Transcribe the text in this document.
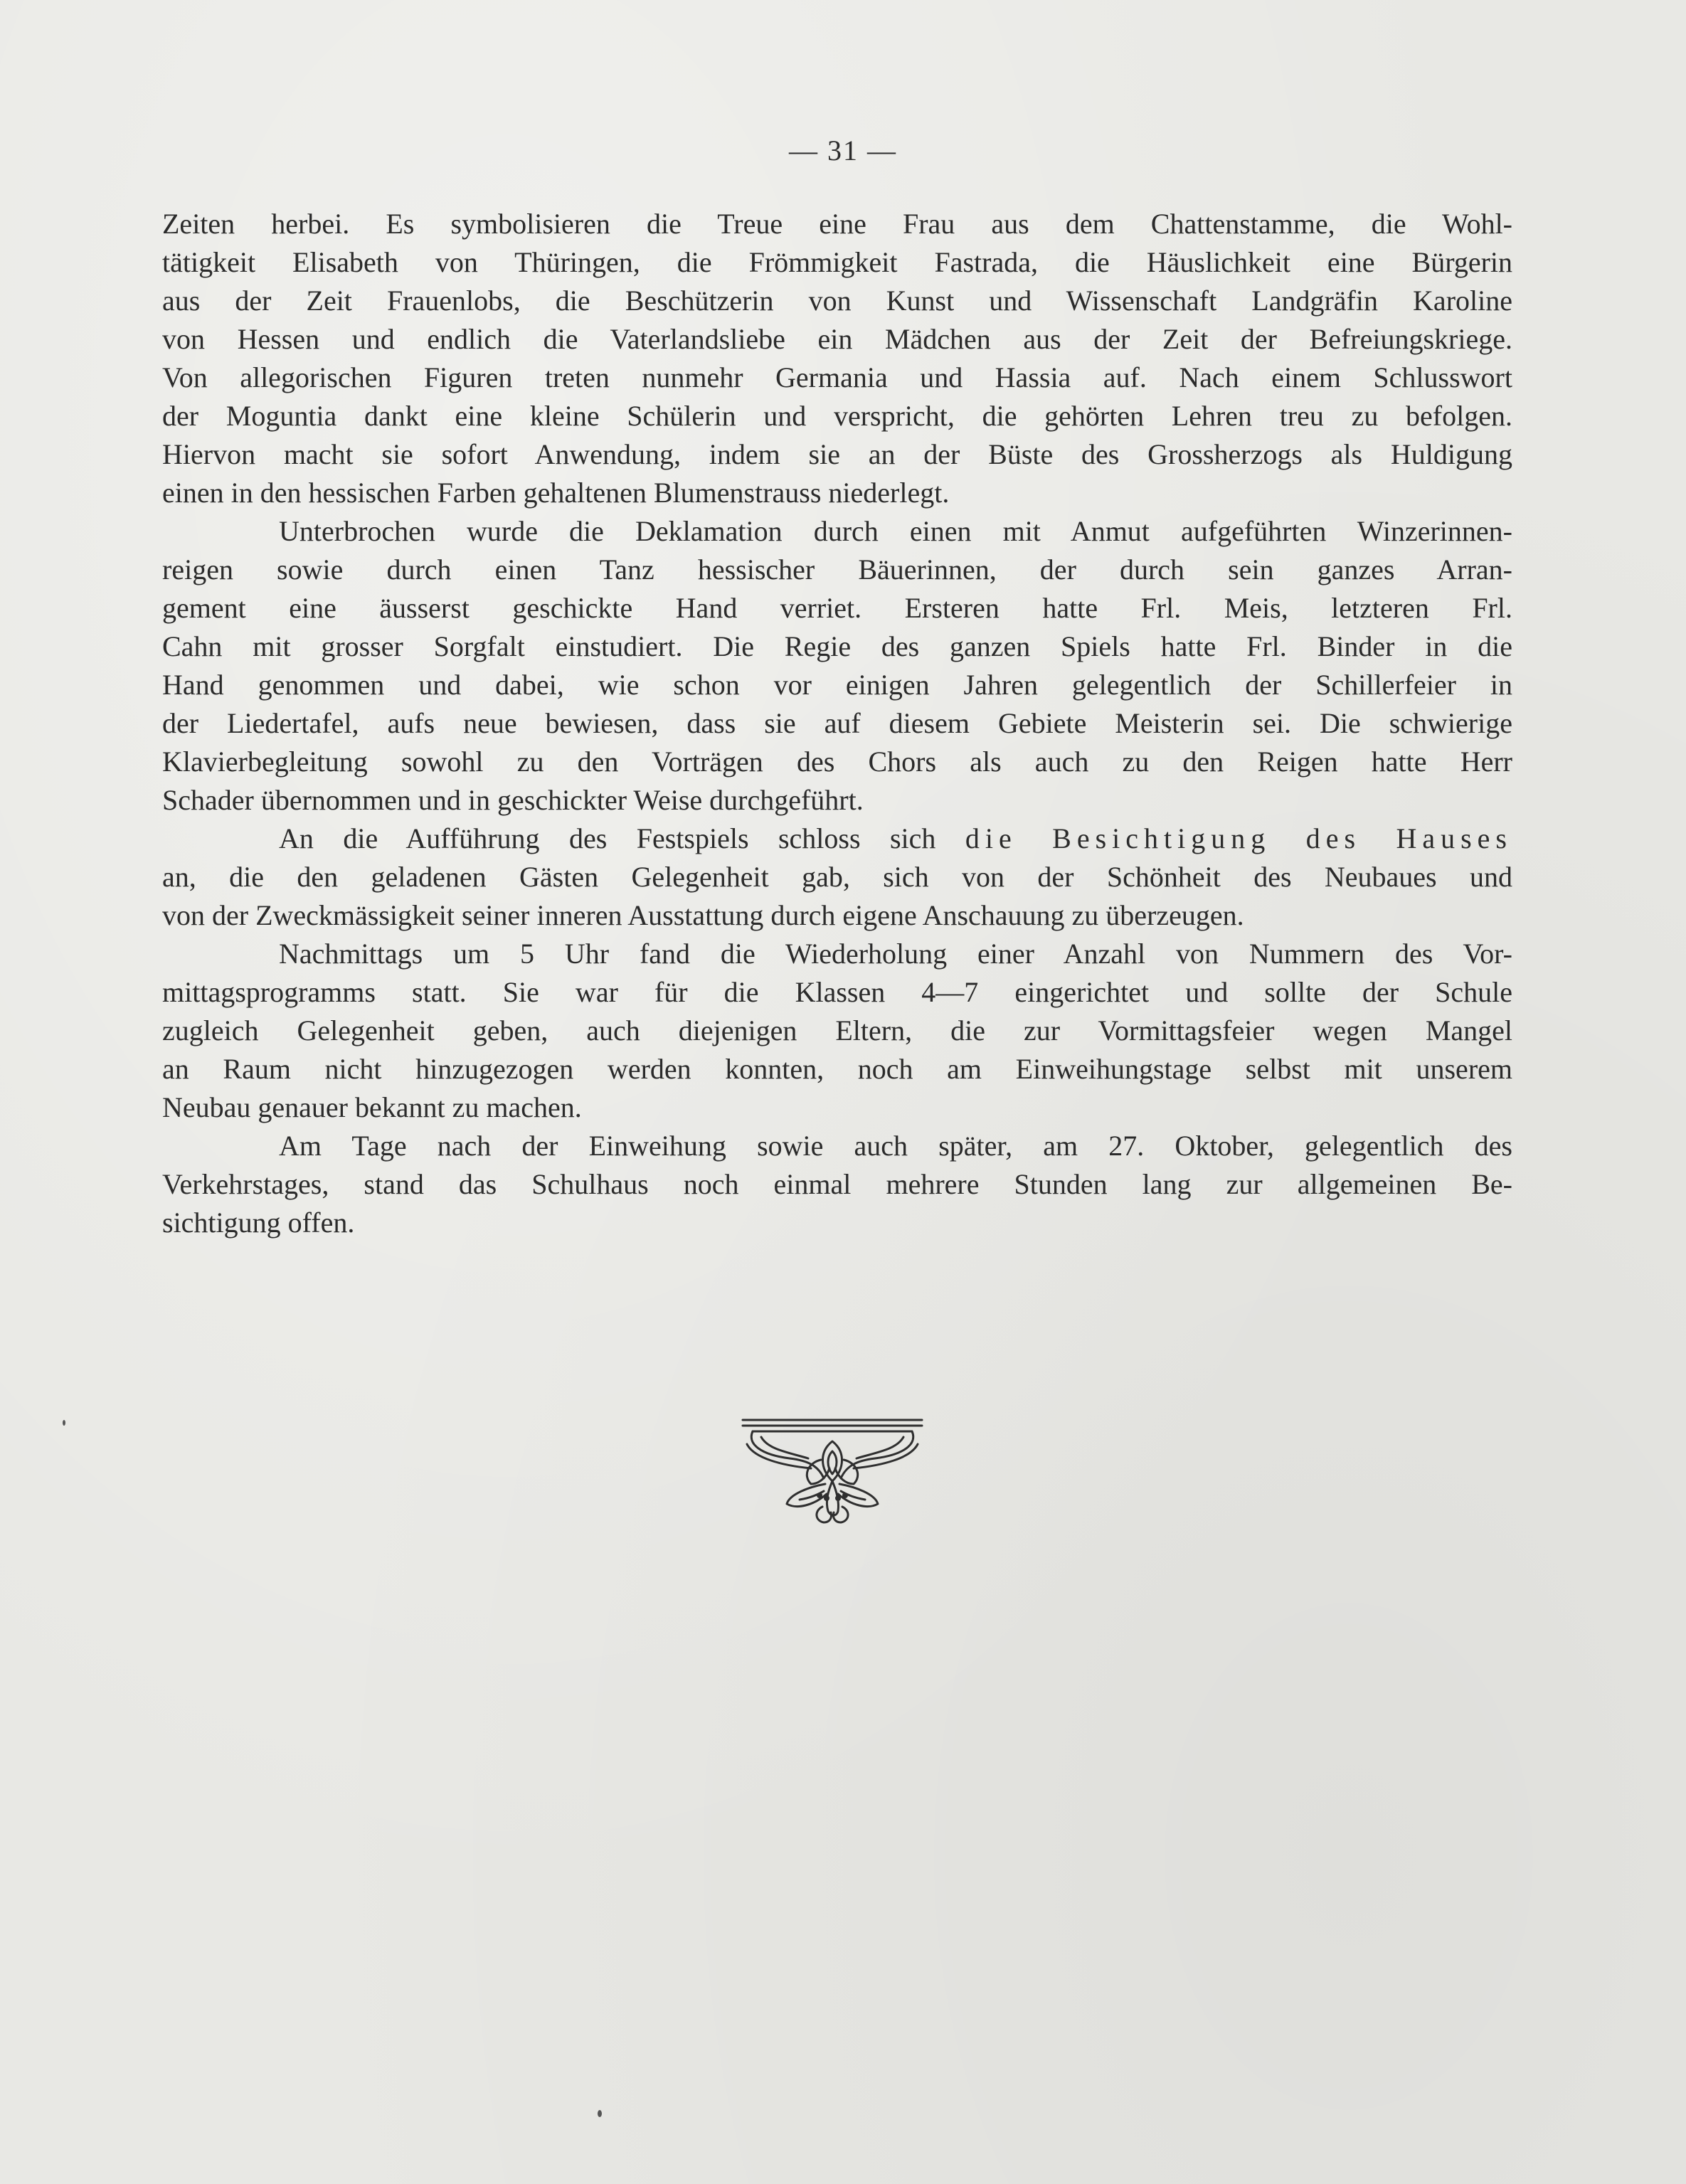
— 31 —
Zeiten herbei. Es symbolisieren die Treue eine Frau aus dem Chattenstamme, die Wohl-
tätigkeit Elisabeth von Thüringen, die Frömmigkeit Fastrada, die Häuslichkeit eine Bürgerin
aus der Zeit Frauenlobs, die Beschützerin von Kunst und Wissenschaft Landgräfin Karoline
von Hessen und endlich die Vaterlandsliebe ein Mädchen aus der Zeit der Befreiungskriege.
Von allegorischen Figuren treten nunmehr Germania und Hassia auf. Nach einem Schlusswort
der Moguntia dankt eine kleine Schülerin und verspricht, die gehörten Lehren treu zu befolgen.
Hiervon macht sie sofort Anwendung, indem sie an der Büste des Grossherzogs als Huldigung
einen in den hessischen Farben gehaltenen Blumenstrauss niederlegt.
Unterbrochen wurde die Deklamation durch einen mit Anmut aufgeführten Winzerinnen-
reigen sowie durch einen Tanz hessischer Bäuerinnen, der durch sein ganzes Arran-
gement eine äusserst geschickte Hand verriet. Ersteren hatte Frl. Meis, letzteren Frl.
Cahn mit grosser Sorgfalt einstudiert. Die Regie des ganzen Spiels hatte Frl. Binder in die
Hand genommen und dabei, wie schon vor einigen Jahren gelegentlich der Schillerfeier in
der Liedertafel, aufs neue bewiesen, dass sie auf diesem Gebiete Meisterin sei. Die schwierige
Klavierbegleitung sowohl zu den Vorträgen des Chors als auch zu den Reigen hatte Herr
Schader übernommen und in geschickter Weise durchgeführt.
An die Aufführung des Festspiels schloss sich die Besichtigung des Hauses
an, die den geladenen Gästen Gelegenheit gab, sich von der Schönheit des Neubaues und
von der Zweckmässigkeit seiner inneren Ausstattung durch eigene Anschauung zu überzeugen.
Nachmittags um 5 Uhr fand die Wiederholung einer Anzahl von Nummern des Vor-
mittagsprogramms statt. Sie war für die Klassen 4—7 eingerichtet und sollte der Schule
zugleich Gelegenheit geben, auch diejenigen Eltern, die zur Vormittagsfeier wegen Mangel
an Raum nicht hinzugezogen werden konnten, noch am Einweihungstage selbst mit unserem
Neubau genauer bekannt zu machen.
Am Tage nach der Einweihung sowie auch später, am 27. Oktober, gelegentlich des
Verkehrstages, stand das Schulhaus noch einmal mehrere Stunden lang zur allgemeinen Be-
sichtigung offen.
